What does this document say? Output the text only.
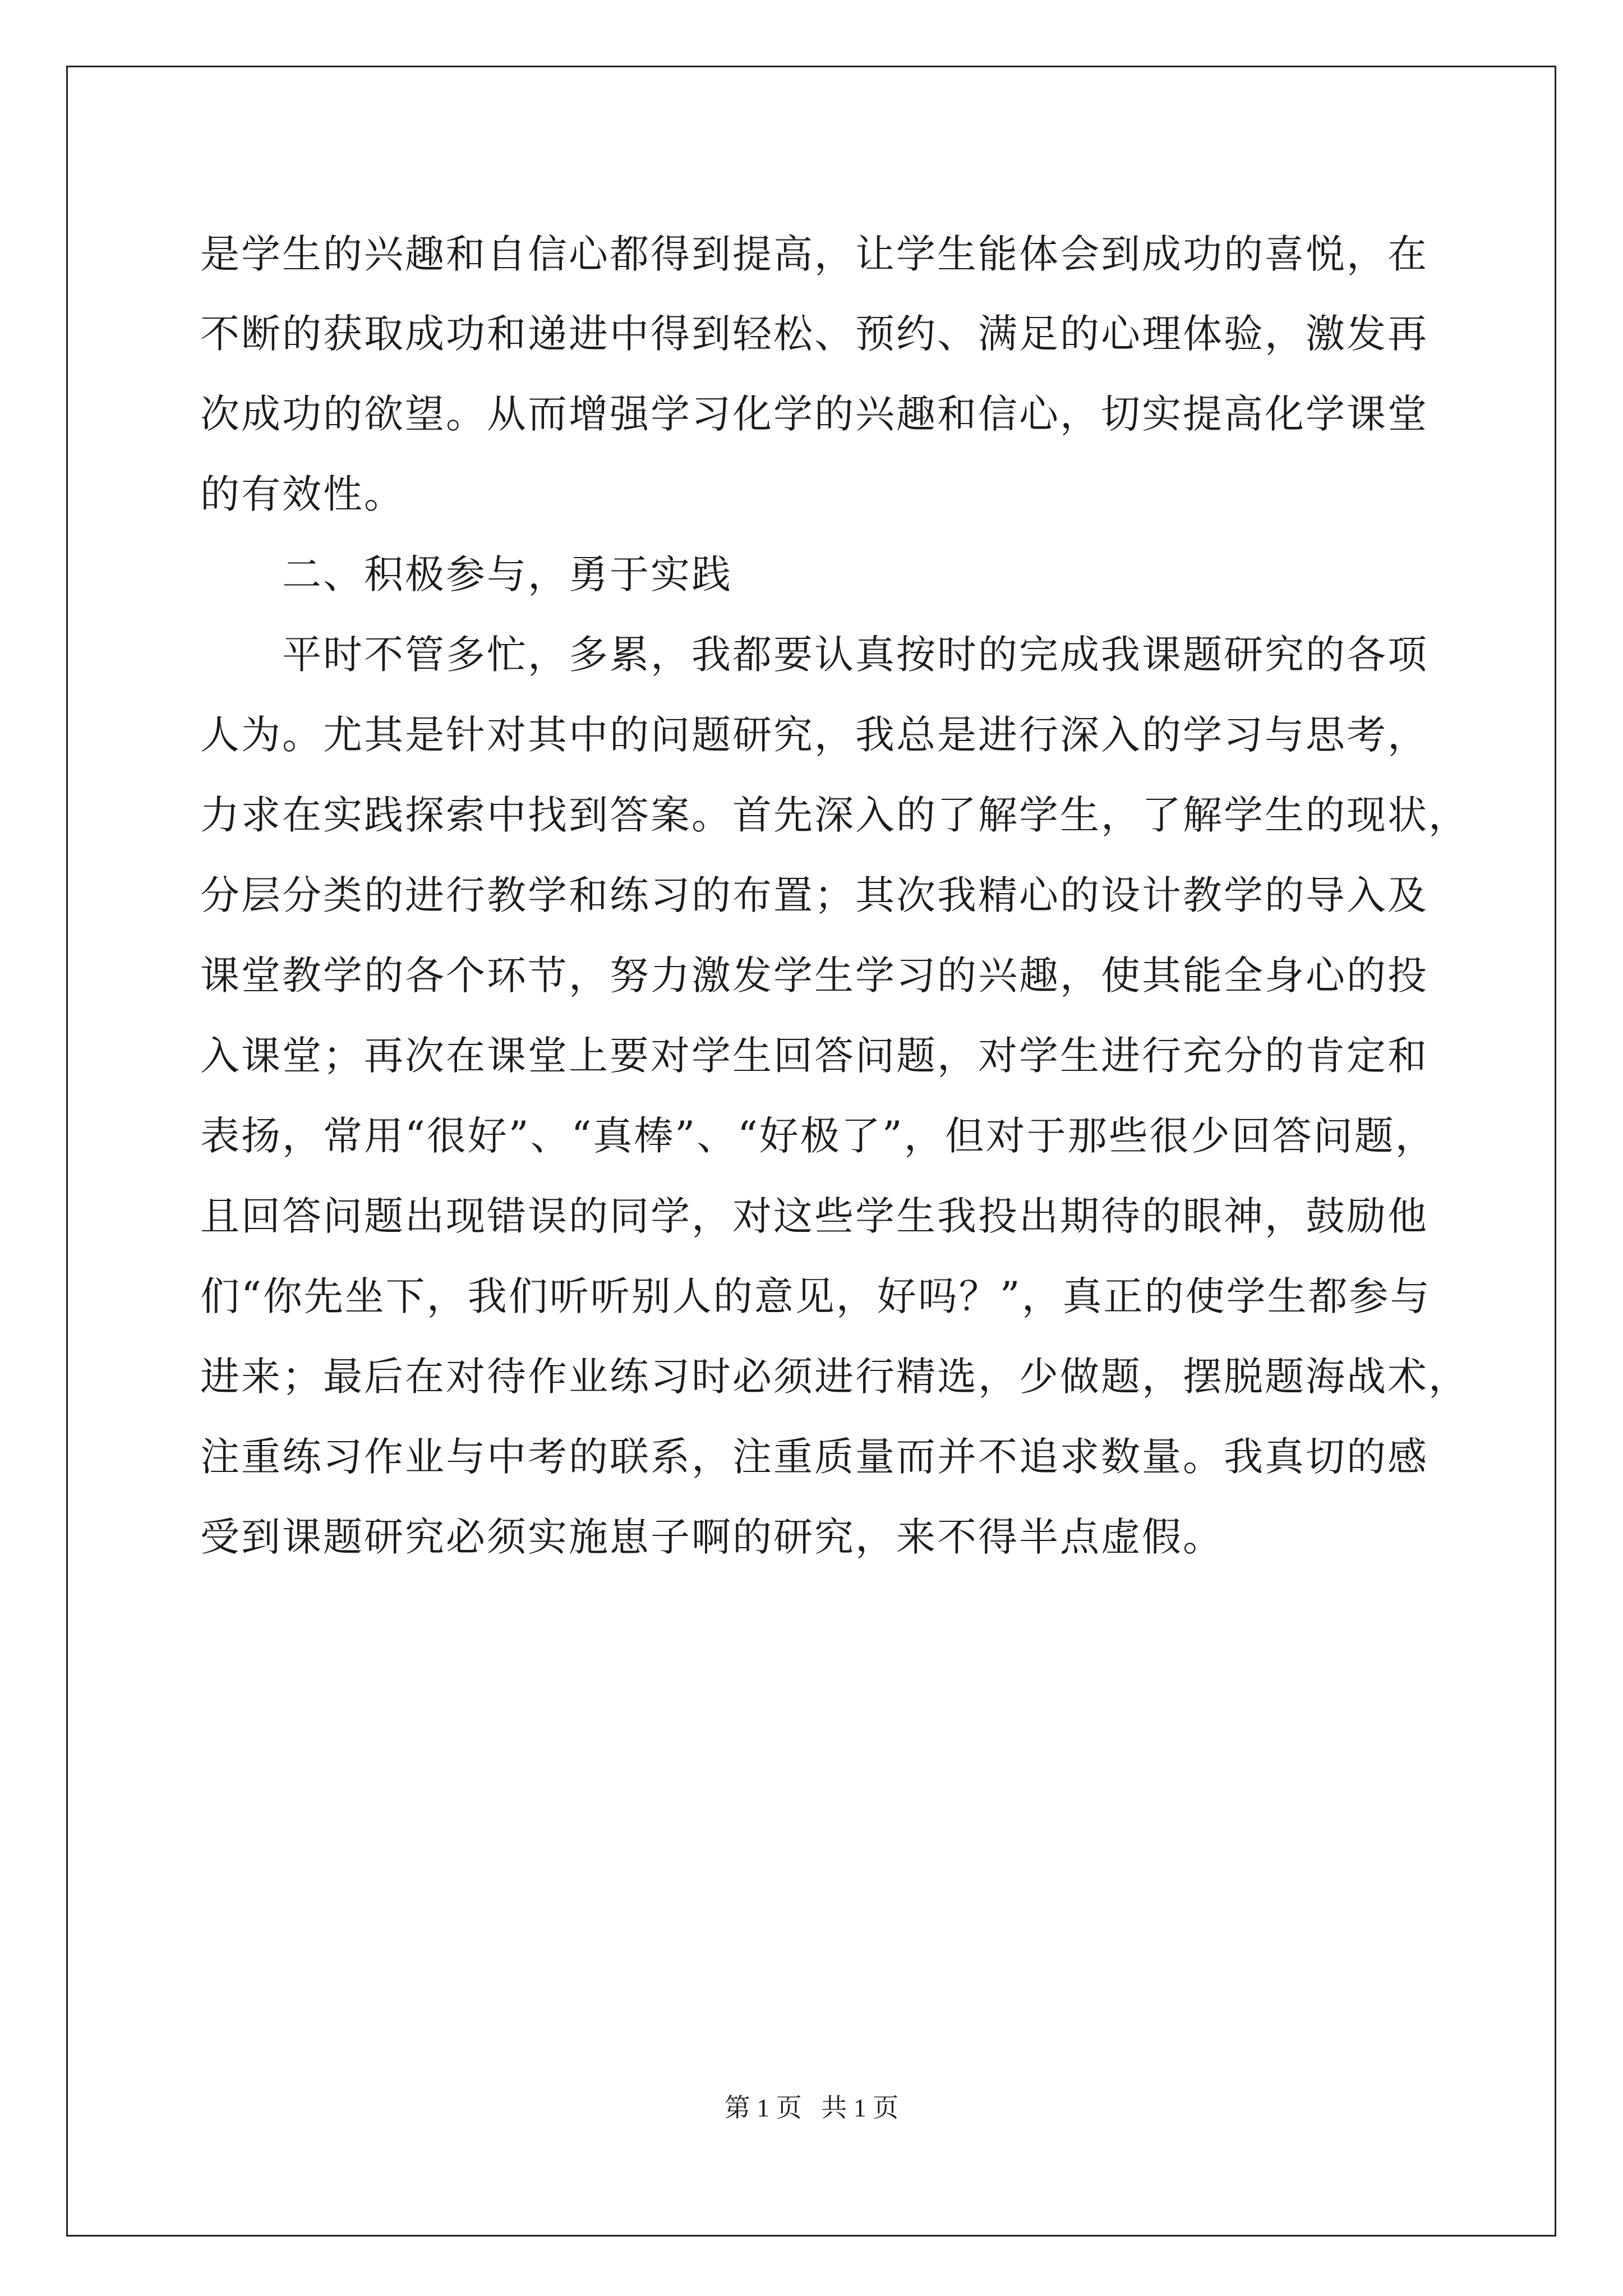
是学生的兴趣和自信心都得到提高，让学生能体会到成功的喜悦，在
不断的获取成功和递进中得到轻松、预约、满足的心理体验，激发再
次成功的欲望。从而增强学习化学的兴趣和信心，切实提高化学课堂
的有效性。
二、积极参与，勇于实践
平时不管多忙，多累，我都要认真按时的完成我课题研究的各项
人为。尤其是针对其中的问题研究，我总是进行深入的学习与思考，
力求在实践探索中找到答案。首先深入的了解学生，了解学生的现状，
分层分类的进行教学和练习的布置；其次我精心的设计教学的导入及
课堂教学的各个环节，努力激发学生学习的兴趣，使其能全身心的投
入课堂；再次在课堂上要对学生回答问题，对学生进行充分的肯定和
表扬，常用“很好”、“真棒”、“好极了”，但对于那些很少回答问题，
且回答问题出现错误的同学，对这些学生我投出期待的眼神，鼓励他
们“你先坐下，我们听听别人的意见，好吗？”，真正的使学生都参与
进来；最后在对待作业练习时必须进行精选，少做题，摆脱题海战术，
注重练习作业与中考的联系，注重质量而并不追求数量。我真切的感
受到课题研究必须实施崽子啊的研究，来不得半点虚假。
第 1 页   共 1 页
